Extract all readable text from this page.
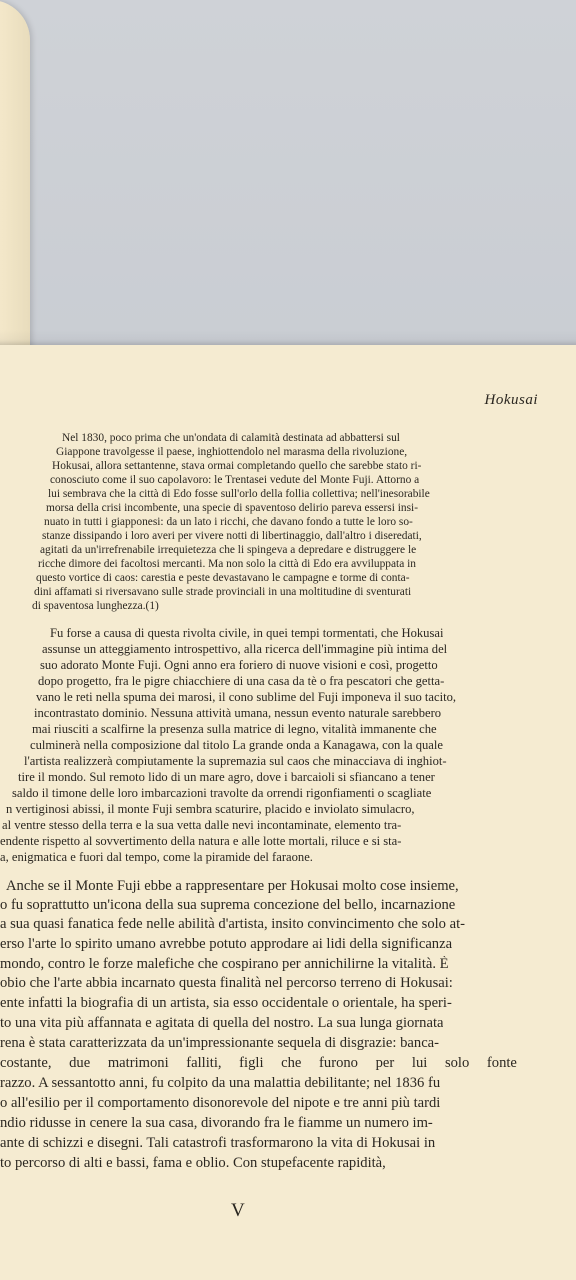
Hokusai
Nel 1830, poco prima che un'ondata di calamità destinata ad abbattersi sul
Giappone travolgesse il paese, inghiottendolo nel marasma della rivoluzione,
Hokusai, allora settantenne, stava ormai completando quello che sarebbe stato ri-
conosciuto come il suo capolavoro: le Trentasei vedute del Monte Fuji. Attorno a
lui sembrava che la città di Edo fosse sull'orlo della follia collettiva; nell'inesorabile
morsa della crisi incombente, una specie di spaventoso delirio pareva essersi insi-
nuato in tutti i giapponesi: da un lato i ricchi, che davano fondo a tutte le loro so-
stanze dissipando i loro averi per vivere notti di libertinaggio, dall'altro i diseredati,
agitati da un'irrefrenabile irrequietezza che li spingeva a depredare e distruggere le
ricche dimore dei facoltosi mercanti. Ma non solo la città di Edo era avviluppata in
questo vortice di caos: carestia e peste devastavano le campagne e torme di conta-
dini affamati si riversavano sulle strade provinciali in una moltitudine di sventurati
di spaventosa lunghezza.(1)
Fu forse a causa di questa rivolta civile, in quei tempi tormentati, che Hokusai
assunse un atteggiamento introspettivo, alla ricerca dell'immagine più intima del
suo adorato Monte Fuji. Ogni anno era foriero di nuove visioni e così, progetto
dopo progetto, fra le pigre chiacchiere di una casa da tè o fra pescatori che getta-
vano le reti nella spuma dei marosi, il cono sublime del Fuji imponeva il suo tacito,
incontrastato dominio. Nessuna attività umana, nessun evento naturale sarebbero
mai riusciti a scalfirne la presenza sulla matrice di legno, vitalità immanente che
culminerà nella composizione dal titolo La grande onda a Kanagawa, con la quale
l'artista realizzerà compiutamente la supremazia sul caos che minacciava di inghiot-
tire il mondo. Sul remoto lido di un mare agro, dove i barcaioli si sfiancano a tener
saldo il timone delle loro imbarcazioni travolte da orrendi rigonfiamenti o scagliate
n vertiginosi abissi, il monte Fuji sembra scaturire, placido e inviolato simulacro,
al ventre stesso della terra e la sua vetta dalle nevi incontaminate, elemento tra-
endente rispetto al sovvertimento della natura e alle lotte mortali, riluce e si sta-
a, enigmatica e fuori dal tempo, come la piramide del faraone.
Anche se il Monte Fuji ebbe a rappresentare per Hokusai molto cose insieme,
o fu soprattutto un'icona della sua suprema concezione del bello, incarnazione
a sua quasi fanatica fede nelle abilità d'artista, insito convincimento che solo at-
erso l'arte lo spirito umano avrebbe potuto approdare ai lidi della significanza
mondo, contro le forze malefiche che cospirano per annichilirne la vitalità. È
obio che l'arte abbia incarnato questa finalità nel percorso terreno di Hokusai:
ente infatti la biografia di un artista, sia esso occidentale o orientale, ha speri-
to una vita più affannata e agitata di quella del nostro. La sua lunga giornata
rena è stata caratterizzata da un'impressionante sequela di disgrazie: banca-
costante, due matrimoni falliti, figli che furono per lui solo fonte
razzo. A sessantotto anni, fu colpito da una malattia debilitante; nel 1836 fu
o all'esilio per il comportamento disonorevole del nipote e tre anni più tardi
ndio ridusse in cenere la sua casa, divorando fra le fiamme un numero im-
ante di schizzi e disegni. Tali catastrofi trasformarono la vita di Hokusai in
to percorso di alti e bassi, fama e oblio. Con stupefacente rapidità,
V
